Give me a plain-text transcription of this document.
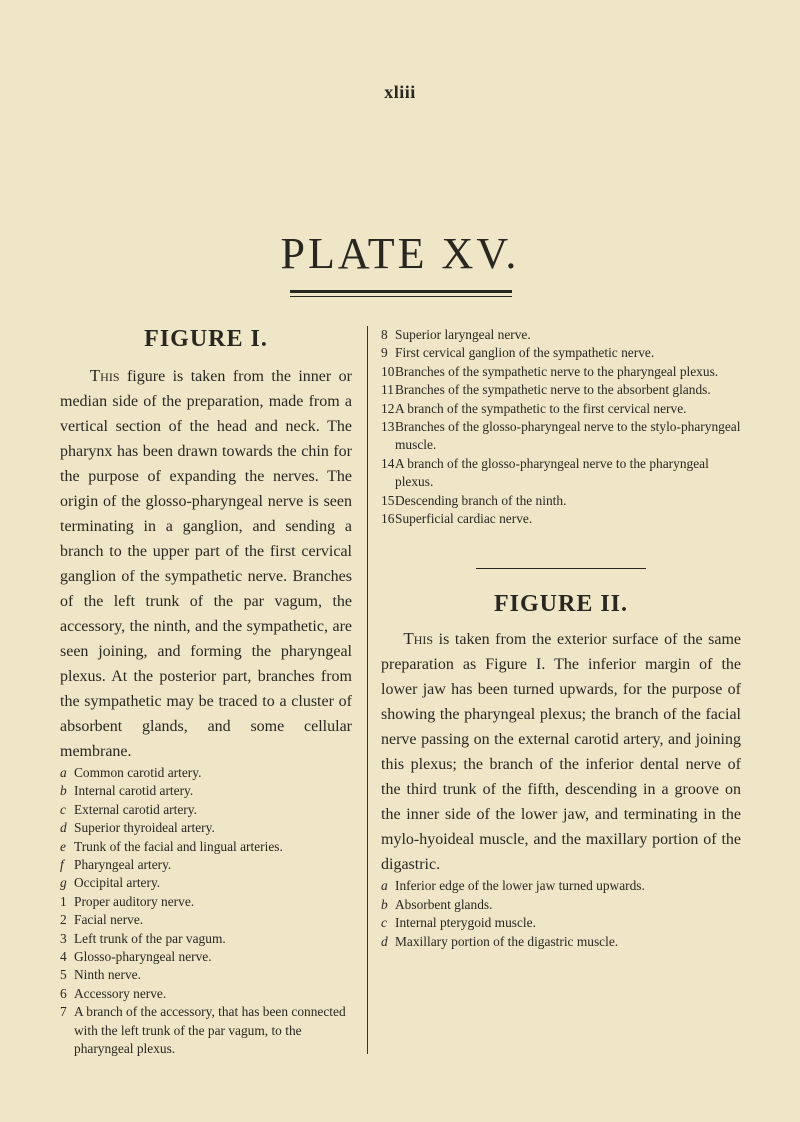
xliii
PLATE XV.
FIGURE I.

This figure is taken from the inner or median side of the preparation, made from a vertical section of the head and neck. The pharynx has been drawn towards the chin for the purpose of expanding the nerves. The origin of the glosso-pharyngeal nerve is seen terminating in a ganglion, and sending a branch to the upper part of the first cervical ganglion of the sympathetic nerve. Branches of the left trunk of the par vagum, the accessory, the ninth, and the sympathetic, are seen joining, and forming the pharyngeal plexus. At the posterior part, branches from the sympathetic may be traced to a cluster of absorbent glands, and some cellular membrane.

a Common carotid artery.
b Internal carotid artery.
c External carotid artery.
d Superior thyroideal artery.
e Trunk of the facial and lingual arteries.
f Pharyngeal artery.
g Occipital artery.
1 Proper auditory nerve.
2 Facial nerve.
3 Left trunk of the par vagum.
4 Glosso-pharyngeal nerve.
5 Ninth nerve.
6 Accessory nerve.
7 A branch of the accessory, that has been connected with the left trunk of the par vagum, to the pharyngeal plexus.
8 Superior laryngeal nerve.
9 First cervical ganglion of the sympathetic nerve.
10 Branches of the sympathetic nerve to the pharyngeal plexus.
11 Branches of the sympathetic nerve to the absorbent glands.
12 A branch of the sympathetic to the first cervical nerve.
13 Branches of the glosso-pharyngeal nerve to the stylo-pharyngeal muscle.
14 A branch of the glosso-pharyngeal nerve to the pharyngeal plexus.
15 Descending branch of the ninth.
16 Superficial cardiac nerve.
FIGURE II.

This is taken from the exterior surface of the same preparation as Figure I. The inferior margin of the lower jaw has been turned upwards, for the purpose of showing the pharyngeal plexus; the branch of the facial nerve passing on the external carotid artery, and joining this plexus; the branch of the inferior dental nerve of the third trunk of the fifth, descending in a groove on the inner side of the lower jaw, and terminating in the mylo-hyoideal muscle, and the maxillary portion of the digastric.

a Inferior edge of the lower jaw turned upwards.
b Absorbent glands.
c Internal pterygoid muscle.
d Maxillary portion of the digastric muscle.
